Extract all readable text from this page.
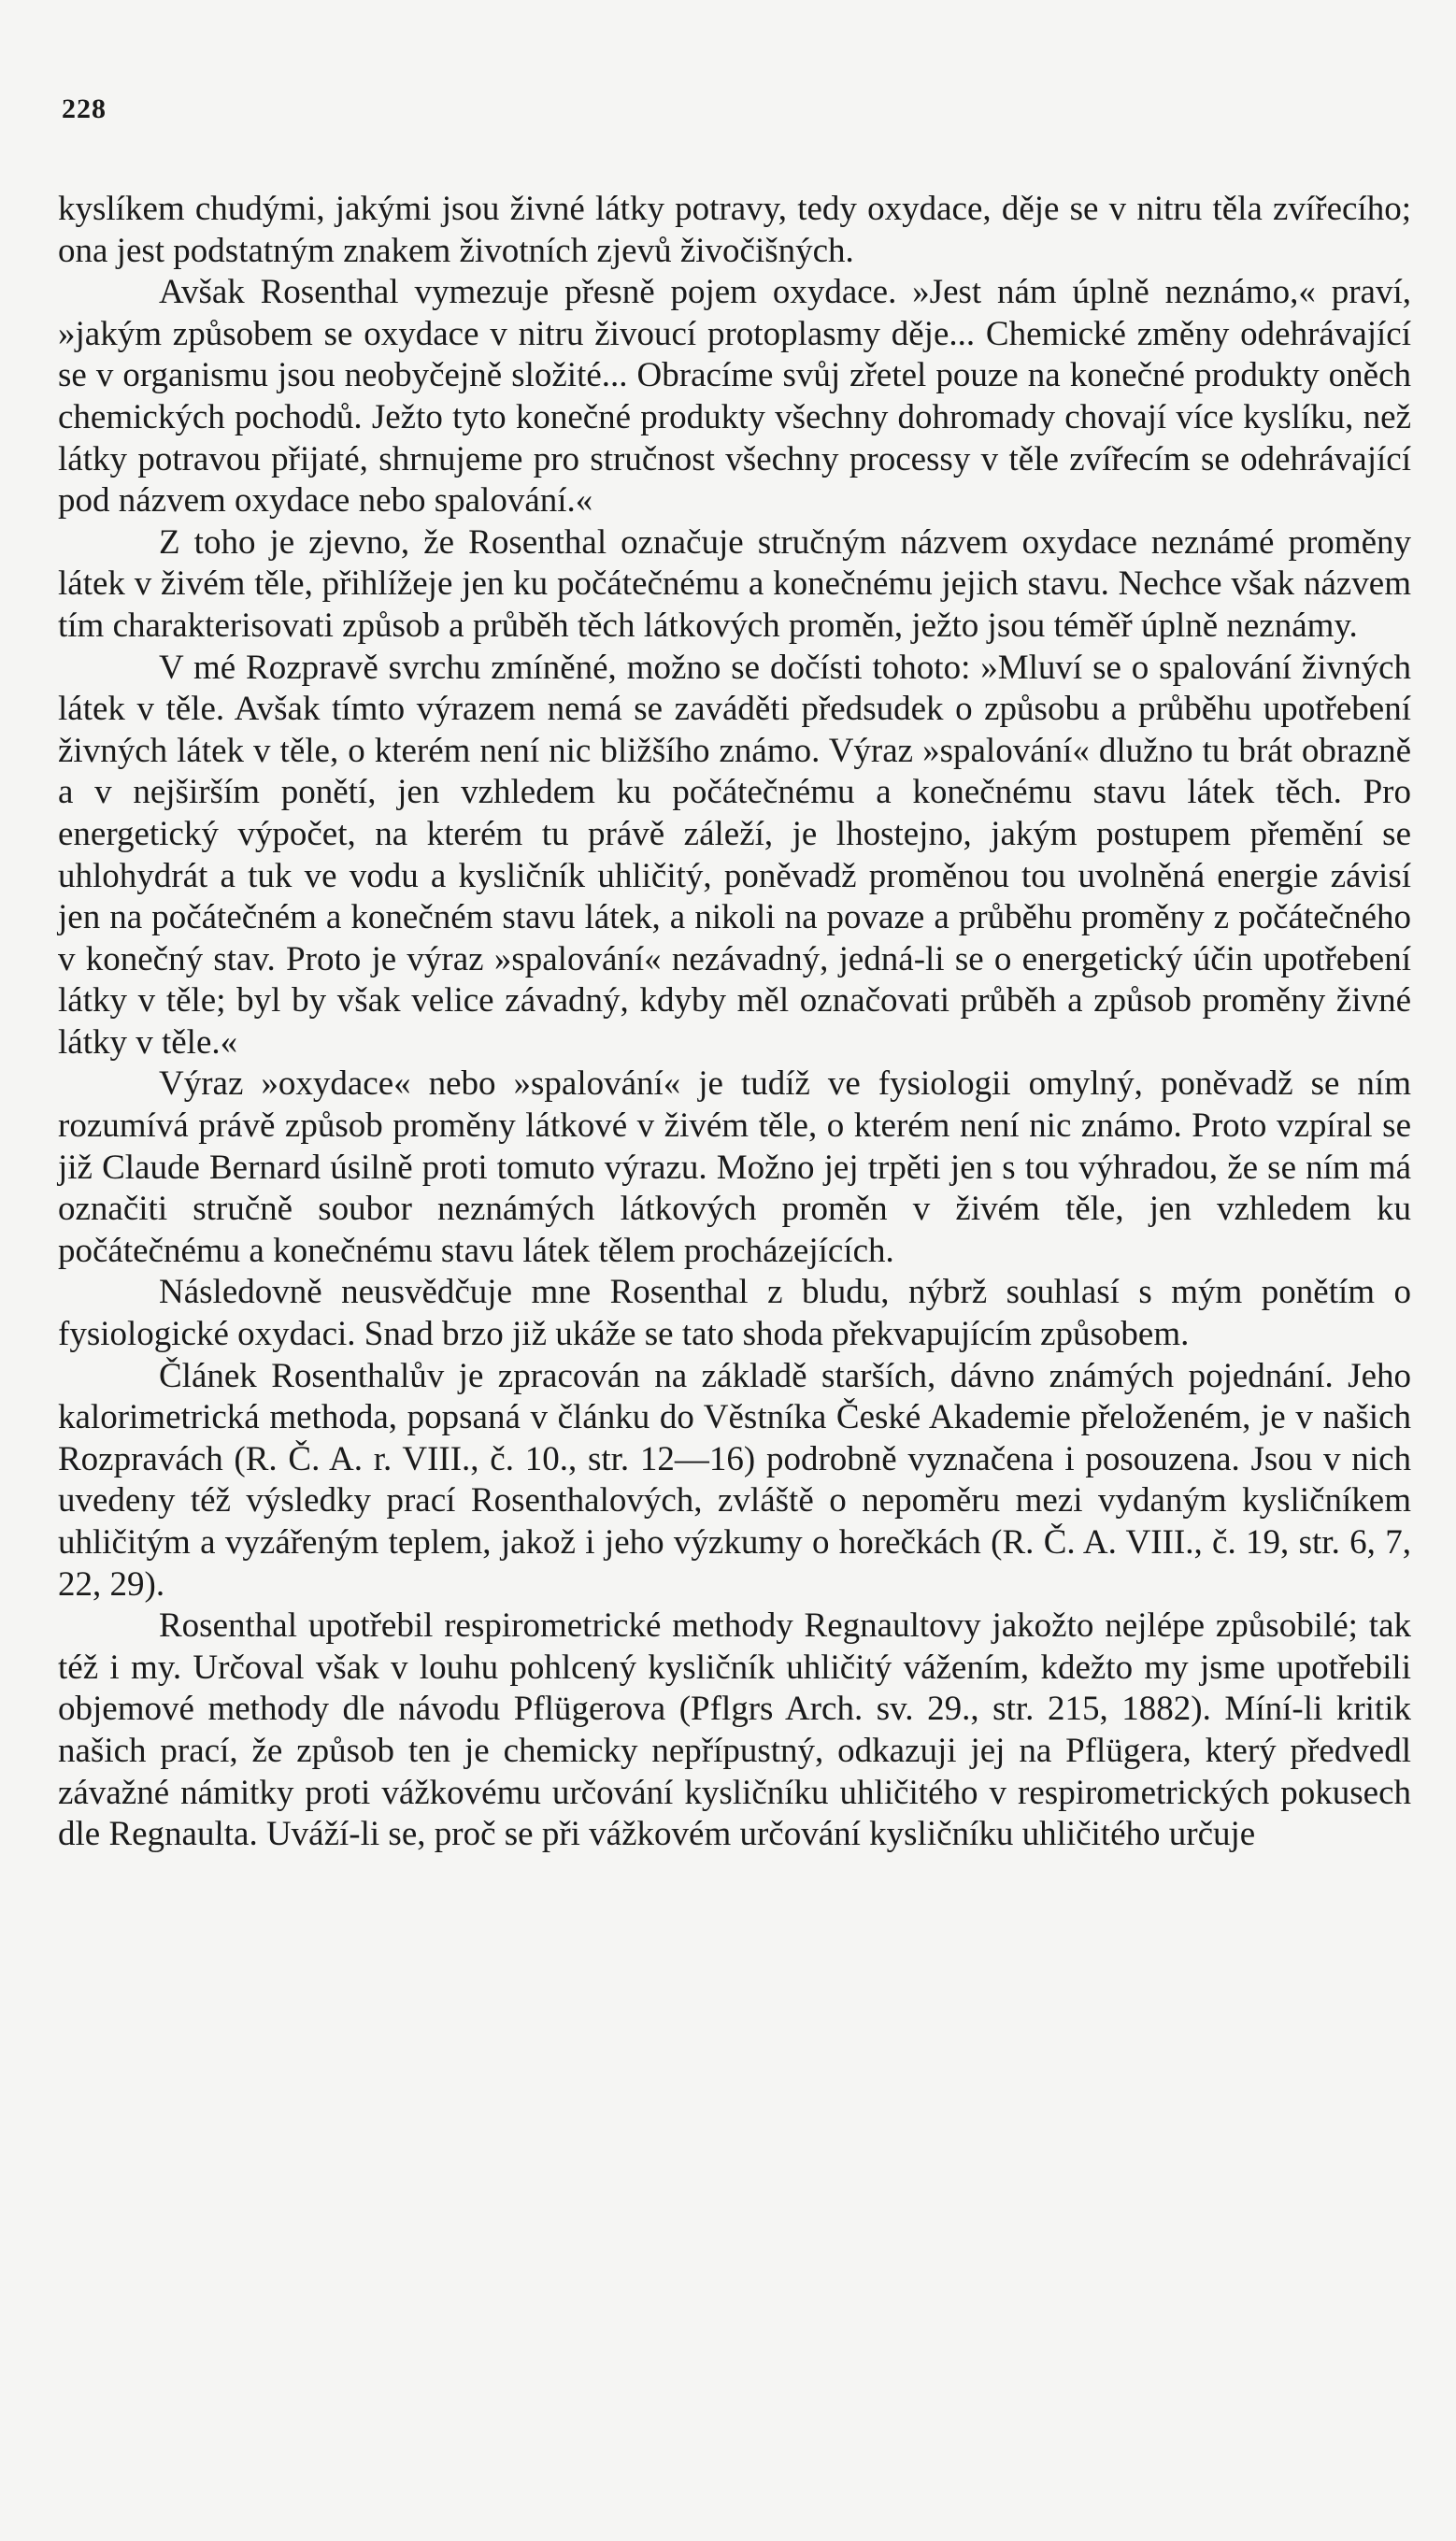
228

kyslíkem chudými, jakými jsou živné látky potravy, tedy oxydace, děje se v nitru těla zvířecího; ona jest podstatným znakem životních zjevů živočišných.

Avšak Rosenthal vymezuje přesně pojem oxydace. »Jest nám úplně neznámo,« praví, »jakým způsobem se oxydace v nitru živoucí protoplasmy děje... Chemické změny odehrávající se v organismu jsou neobyčejně složité... Obracíme svůj zřetel pouze na konečné produkty oněch chemických pochodů. Ježto tyto konečné produkty všechny dohromady chovají více kyslíku, než látky potravou přijaté, shrnujeme pro stručnost všechny processy v těle zvířecím se odehrávající pod názvem oxydace nebo spalování.«

Z toho je zjevno, že Rosenthal označuje stručným názvem oxydace neznámé proměny látek v živém těle, přihlížeje jen ku počátečnému a konečnému jejich stavu. Nechce však názvem tím charakterisovati způsob a průběh těch látkových proměn, ježto jsou téměř úplně neznámy.

V mé Rozpravě svrchu zmíněné, možno se dočísti tohoto: »Mluví se o spalování živných látek v těle. Avšak tímto výrazem nemá se zaváděti předsudek o způsobu a průběhu upotřebení živných látek v těle, o kterém není nic bližšího známo. Výraz »spalování« dlužno tu brát obrazně a v nejširším ponětí, jen vzhledem ku počátečnému a konečnému stavu látek těch. Pro energetický výpočet, na kterém tu právě záleží, je lhostejno, jakým postupem přemění se uhlohydrát a tuk ve vodu a kysličník uhličitý, poněvadž proměnou tou uvolněná energie závisí jen na počátečném a konečném stavu látek, a nikoli na povaze a průběhu proměny z počátečného v konečný stav. Proto je výraz »spalování« nezávadný, jedná-li se o energetický účin upotřebení látky v těle; byl by však velice závadný, kdyby měl označovati průběh a způsob proměny živné látky v těle.«

Výraz »oxydace« nebo »spalování« je tudíž ve fysiologii omylný, poněvadž se ním rozumívá právě způsob proměny látkové v živém těle, o kterém není nic známo. Proto vzpíral se již Claude Bernard úsilně proti tomuto výrazu. Možno jej trpěti jen s tou výhradou, že se ním má označiti stručně soubor neznámých látkových proměn v živém těle, jen vzhledem ku počátečnému a konečnému stavu látek tělem procházejících.

Následovně neusvědčuje mne Rosenthal z bludu, nýbrž souhlasí s mým ponětím o fysiologické oxydaci. Snad brzo již ukáže se tato shoda překvapujícím způsobem.

Článek Rosenthalův je zpracován na základě starších, dávno známých pojednání. Jeho kalorimetrická methoda, popsaná v článku do Věstníka České Akademie přeloženém, je v našich Rozpravách (R. Č. A. r. VIII., č. 10., str. 12—16) podrobně vyznačena i posouzena. Jsou v nich uvedeny též výsledky prací Rosenthalových, zvláště o nepoměru mezi vydaným kysličníkem uhličitým a vyzářeným teplem, jakož i jeho výzkumy o horečkách (R. Č. A. VIII., č. 19, str. 6, 7, 22, 29).

Rosenthal upotřebil respirometrické methody Regnaultovy jakožto nejlépe způsobilé; tak též i my. Určoval však v louhu pohlcený kysličník uhličitý vážením, kdežto my jsme upotřebili objemové methody dle návodu Pflügerova (Pflgrs Arch. sv. 29., str. 215, 1882). Míní-li kritik našich prací, že způsob ten je chemicky nepřípustný, odkazuji jej na Pflügera, který předvedl závažné námitky proti vážkovému určování kysličníku uhličitého v respirometrických pokusech dle Regnaulta. Uváží-li se, proč se při vážkovém určování kysličníku uhličitého určuje
